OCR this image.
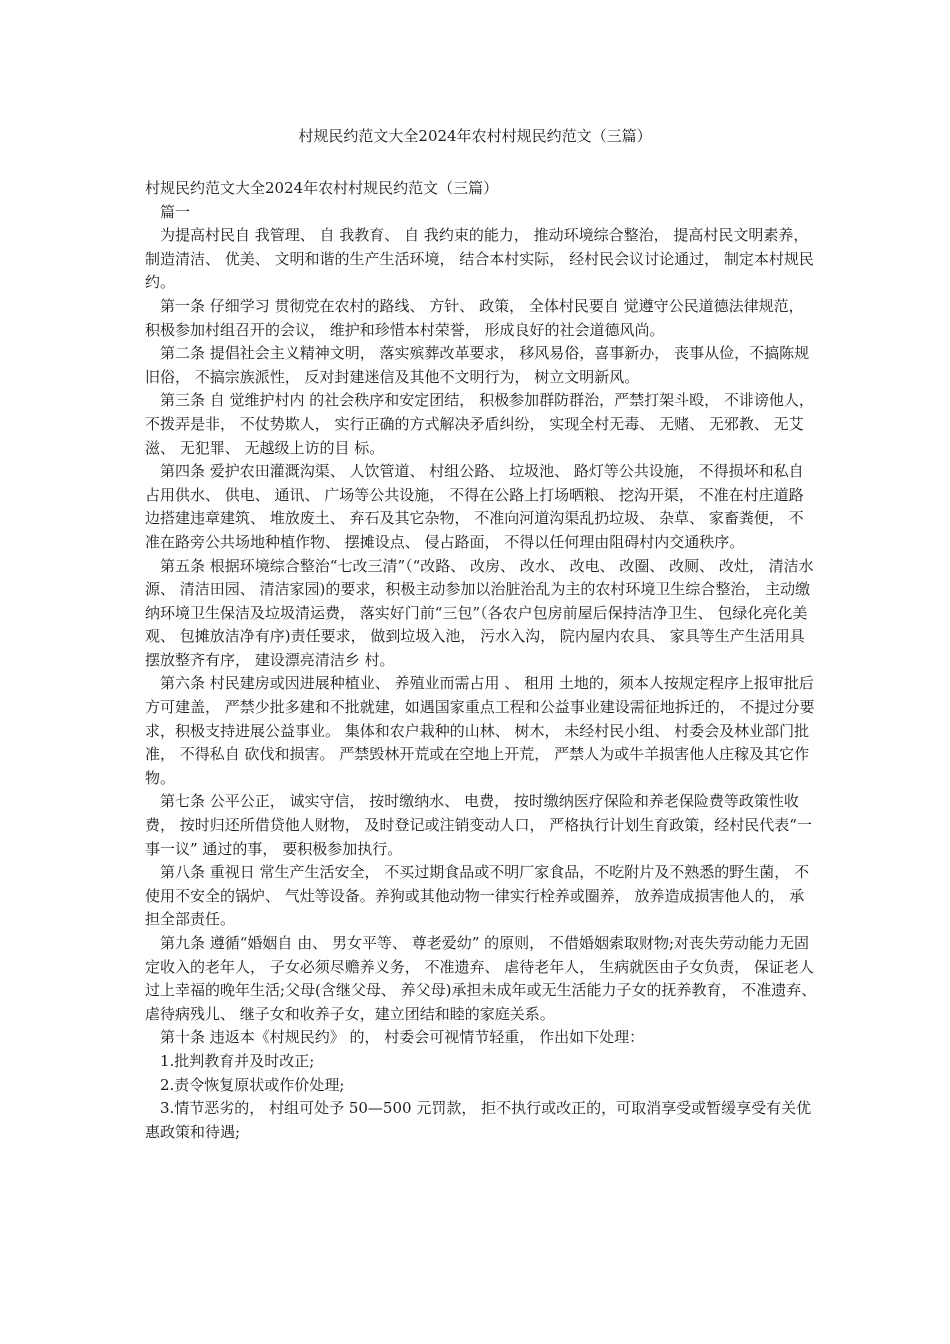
村规民约范文大全2024年农村村规民约范文（三篇）

村规民约范文大全2024年农村村规民约范文（三篇）

篇一

为提高村民自 我管理、 自 我教育、 自 我约束的能力， 推动环境综合整治， 提高村民文明素养， 制造清洁、 优美、 文明和谐的生产生活环境， 结合本村实际， 经村民会议讨论通过， 制定本村规民约。

第一条 仔细学习 贯彻党在农村的路线、 方针、 政策， 全体村民要自 觉遵守公民道德法律规范， 积极参加村组召开的会议， 维护和珍惜本村荣誉， 形成良好的社会道德风尚。

第二条 提倡社会主义精神文明， 落实殡葬改革要求， 移风易俗，喜事新办， 丧事从俭，不搞陈规旧俗， 不搞宗族派性， 反对封建迷信及其他不文明行为， 树立文明新风。

第三条 自 觉维护村内 的社会秩序和安定团结， 积极参加群防群治，严禁打架斗殴， 不诽谤他人， 不拨弄是非， 不仗势欺人， 实行正确的方式解决矛盾纠纷， 实现全村无毒、 无赌、 无邪教、 无艾滋、 无犯罪、 无越级上访的目 标。

第四条 爱护农田灌溉沟渠、 人饮管道、 村组公路、 垃圾池、 路灯等公共设施， 不得损坏和私自 占用供水、 供电、 通讯、 广场等公共设施， 不得在公路上打场晒粮、 挖沟开渠， 不准在村庄道路边搭建违章建筑、 堆放废土、 弃石及其它杂物， 不准向河道沟渠乱扔垃圾、 杂草、 家畜粪便， 不准在路旁公共场地种植作物、 摆摊设点、 侵占路面， 不得以任何理由阻碍村内交通秩序。

第五条 根据环境综合整治“七改三清”（“改路、 改房、 改水、 改电、 改圈、 改厕、 改灶， 清洁水源、 清洁田园、 清洁家园)的要求，积极主动参加以治脏治乱为主的农村环境卫生综合整治， 主动缴纳环境卫生保洁及垃圾清运费， 落实好门前“三包”（各农户包房前屋后保持洁净卫生、 包绿化亮化美观、 包摊放洁净有序)责任要求， 做到垃圾入池， 污水入沟， 院内屋内农具、 家具等生产生活用具摆放整齐有序， 建设漂亮清洁乡 村。

第六条 村民建房或因进展种植业、 养殖业而需占用 、 租用 土地的，须本人按规定程序上报审批后方可建盖， 严禁少批多建和不批就建，如遇国家重点工程和公益事业建设需征地拆迁的， 不提过分要求，积极支持进展公益事业。 集体和农户栽种的山林、 树木， 未经村民小组、 村委会及林业部门批准， 不得私自 砍伐和损害。 严禁毁林开荒或在空地上开荒， 严禁人为或牛羊损害他人庄稼及其它作物。

第七条 公平公正， 诚实守信， 按时缴纳水、 电费， 按时缴纳医疗保险和养老保险费等政策性收费， 按时归还所借贷他人财物， 及时登记或注销变动人口， 严格执行计划生育政策，经村民代表“一事一议” 通过的事， 要积极参加执行。

第八条 重视日 常生产生活安全， 不买过期食品或不明厂家食品，不吃附片及不熟悉的野生菌， 不使用不安全的锅炉、 气灶等设备。养狗或其他动物一律实行栓养或圈养， 放养造成损害他人的， 承担全部责任。

第九条 遵循“婚姻自 由、 男女平等、 尊老爱幼” 的原则， 不借婚姻索取财物;对丧失劳动能力无固定收入的老年人， 子女必须尽赡养义务， 不准遗弃、 虐待老年人， 生病就医由子女负责， 保证老人过上幸福的晚年生活;父母(含继父母、 养父母)承担未成年或无生活能力子女的抚养教育， 不准遗弃、 虐待病残儿、 继子女和收养子女，建立团结和睦的家庭关系。

第十条 违返本《村规民约》 的， 村委会可视情节轻重， 作出如下处理：

1.批判教育并及时改正;

2.责令恢复原状或作价处理;

3.情节恶劣的， 村组可处予 50—500 元罚款， 拒不执行或改正的，可取消享受或暂缓享受有关优惠政策和待遇;
